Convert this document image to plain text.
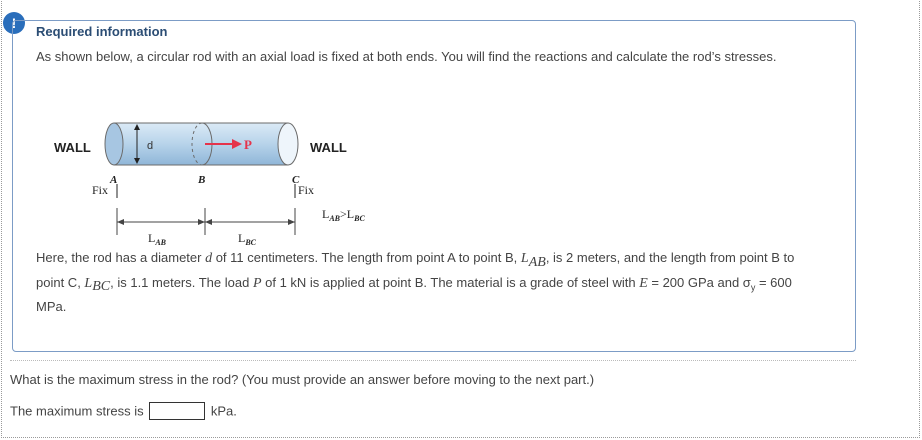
!
Required information
As shown below, a circular rod with an axial load is fixed at both ends. You will find the reactions and calculate the rod’s stresses.
d	P
WALL	WALL
A	B	C
Fix	Fix
$L_{AB}$	$L_{BC}$
$L_{AB}>L_{BC}$
Here, the rod has a diameter d of 11 centimeters. The length from point A to point B, $L_{AB}$, is 2 meters, and the length from point B to point C, $L_{BC}$, is 1.1 meters. The load P of 1 kN is applied at point B. The material is a grade of steel with E = 200 GPa and $\sigma_y = 600$ MPa.
What is the maximum stress in the rod? (You must provide an answer before moving to the next part.)
The maximum stress is	kPa.
